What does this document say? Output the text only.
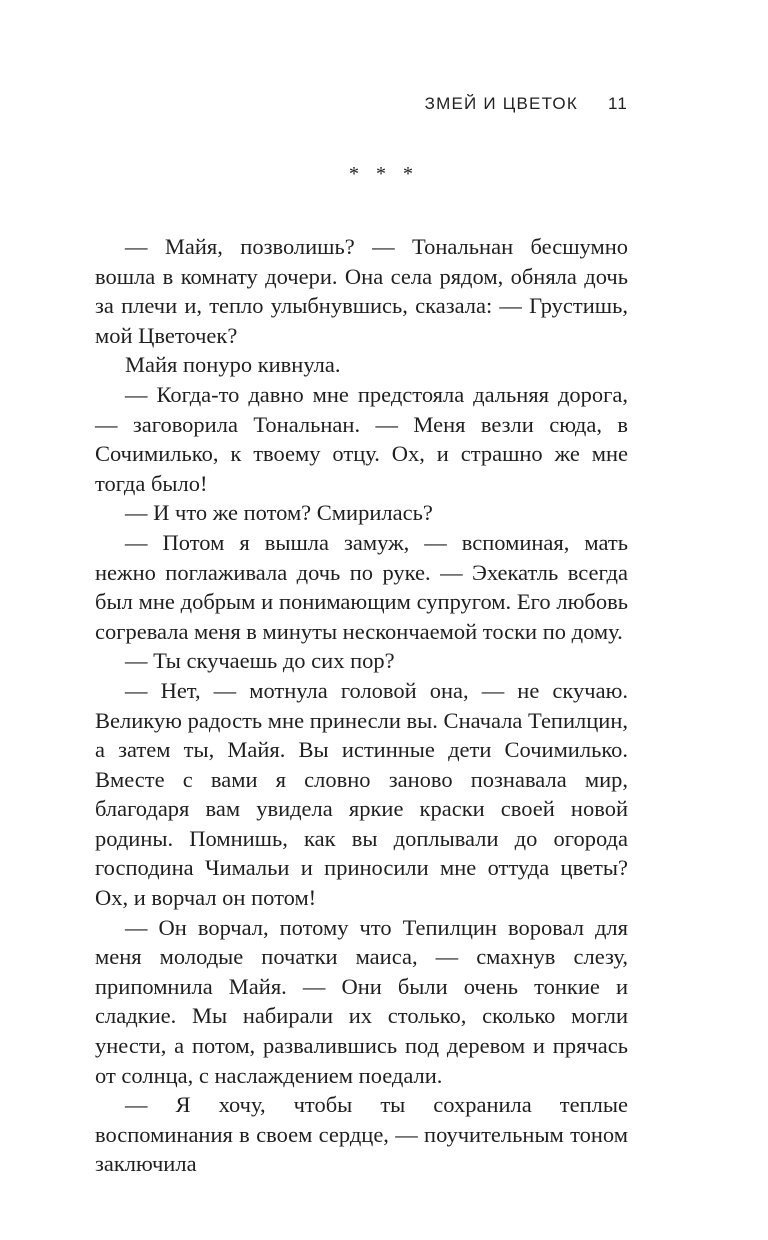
ЗМЕЙ И ЦВЕТОК 11
* * *

— Майя, позволишь? — Тональнан бесшумно вошла в комнату дочери. Она села рядом, обняла дочь за плечи и, тепло улыбнувшись, сказала: — Грустишь, мой Цветочек?

Майя понуро кивнула.

— Когда-то давно мне предстояла дальняя дорога, — заговорила Тональнан. — Меня везли сюда, в Сочимилько, к твоему отцу. Ох, и страшно же мне тогда было!

— И что же потом? Смирилась?

— Потом я вышла замуж, — вспоминая, мать нежно поглаживала дочь по руке. — Эхекатль всегда был мне добрым и понимающим супругом. Его любовь согревала меня в минуты нескончаемой тоски по дому.

— Ты скучаешь до сих пор?

— Нет, — мотнула головой она, — не скучаю. Великую радость мне принесли вы. Сначала Тепилцин, а затем ты, Майя. Вы истинные дети Сочимилько. Вместе с вами я словно заново познавала мир, благодаря вам увидела яркие краски своей новой родины. Помнишь, как вы доплывали до огорода господина Чимальи и приносили мне оттуда цветы? Ох, и ворчал он потом!

— Он ворчал, потому что Тепилцин воровал для меня молодые початки маиса, — смахнув слезу, припомнила Майя. — Они были очень тонкие и сладкие. Мы набирали их столько, сколько могли унести, а потом, развалившись под деревом и прячась от солнца, с наслаждением поедали.

— Я хочу, чтобы ты сохранила теплые воспоминания в своем сердце, — поучительным тоном заключила
